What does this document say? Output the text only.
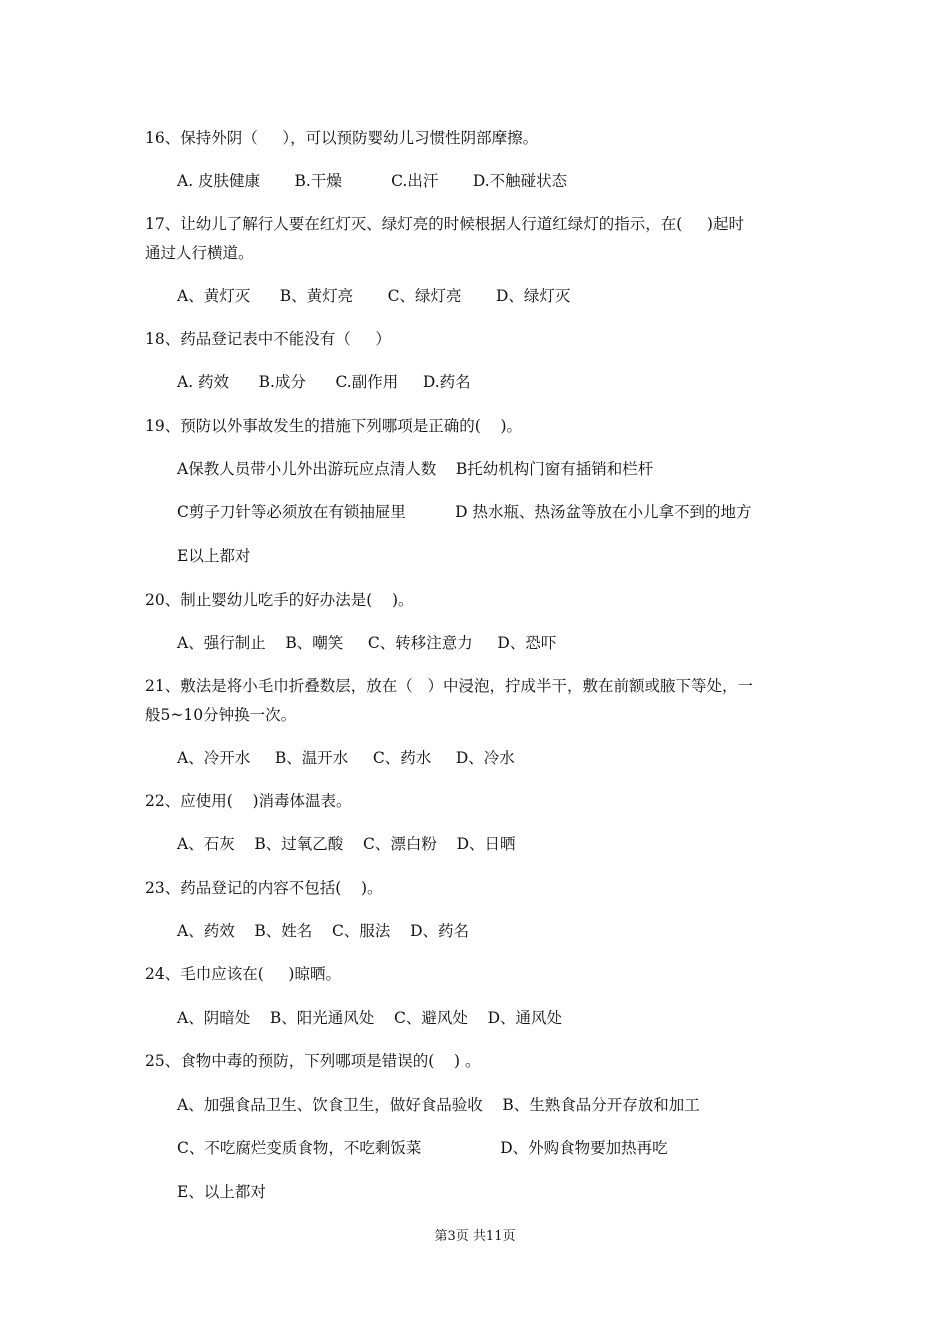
16、保持外阴（     ），可以预防婴幼儿习惯性阴部摩擦。
A. 皮肤健康       B.干燥          C.出汗       D.不触碰状态
17、让幼儿了解行人要在红灯灭、绿灯亮的时候根据人行道红绿灯的指示，在(     )起时
通过人行横道。
A、黄灯灭      B、黄灯亮       C、绿灯亮       D、绿灯灭
18、药品登记表中不能没有（     ）
A. 药效      B.成分      C.副作用     D.药名
19、预防以外事故发生的措施下列哪项是正确的(    )。
A保教人员带小儿外出游玩应点清人数    B托幼机构门窗有插销和栏杆
C剪子刀针等必须放在有锁抽屉里          D 热水瓶、热汤盆等放在小儿拿不到的地方
E以上都对
20、制止婴幼儿吃手的好办法是(    )。
A、强行制止    B、嘲笑     C、转移注意力     D、恐吓
21、敷法是将小毛巾折叠数层，放在（   ）中浸泡，拧成半干，敷在前额或腋下等处，一
般5~10分钟换一次。
A、冷开水     B、温开水     C、药水     D、冷水
22、应使用(    )消毒体温表。
A、石灰    B、过氧乙酸    C、漂白粉    D、日晒
23、药品登记的内容不包括(    )。
A、药效    B、姓名    C、服法    D、药名
24、毛巾应该在(     )晾晒。
A、阴暗处    B、阳光通风处    C、避风处    D、通风处
25、食物中毒的预防，下列哪项是错误的(    ) 。
A、加强食品卫生、饮食卫生，做好食品验收    B、生熟食品分开存放和加工
C、不吃腐烂变质食物，不吃剩饭菜                D、外购食物要加热再吃
E、以上都对
第3页 共11页
